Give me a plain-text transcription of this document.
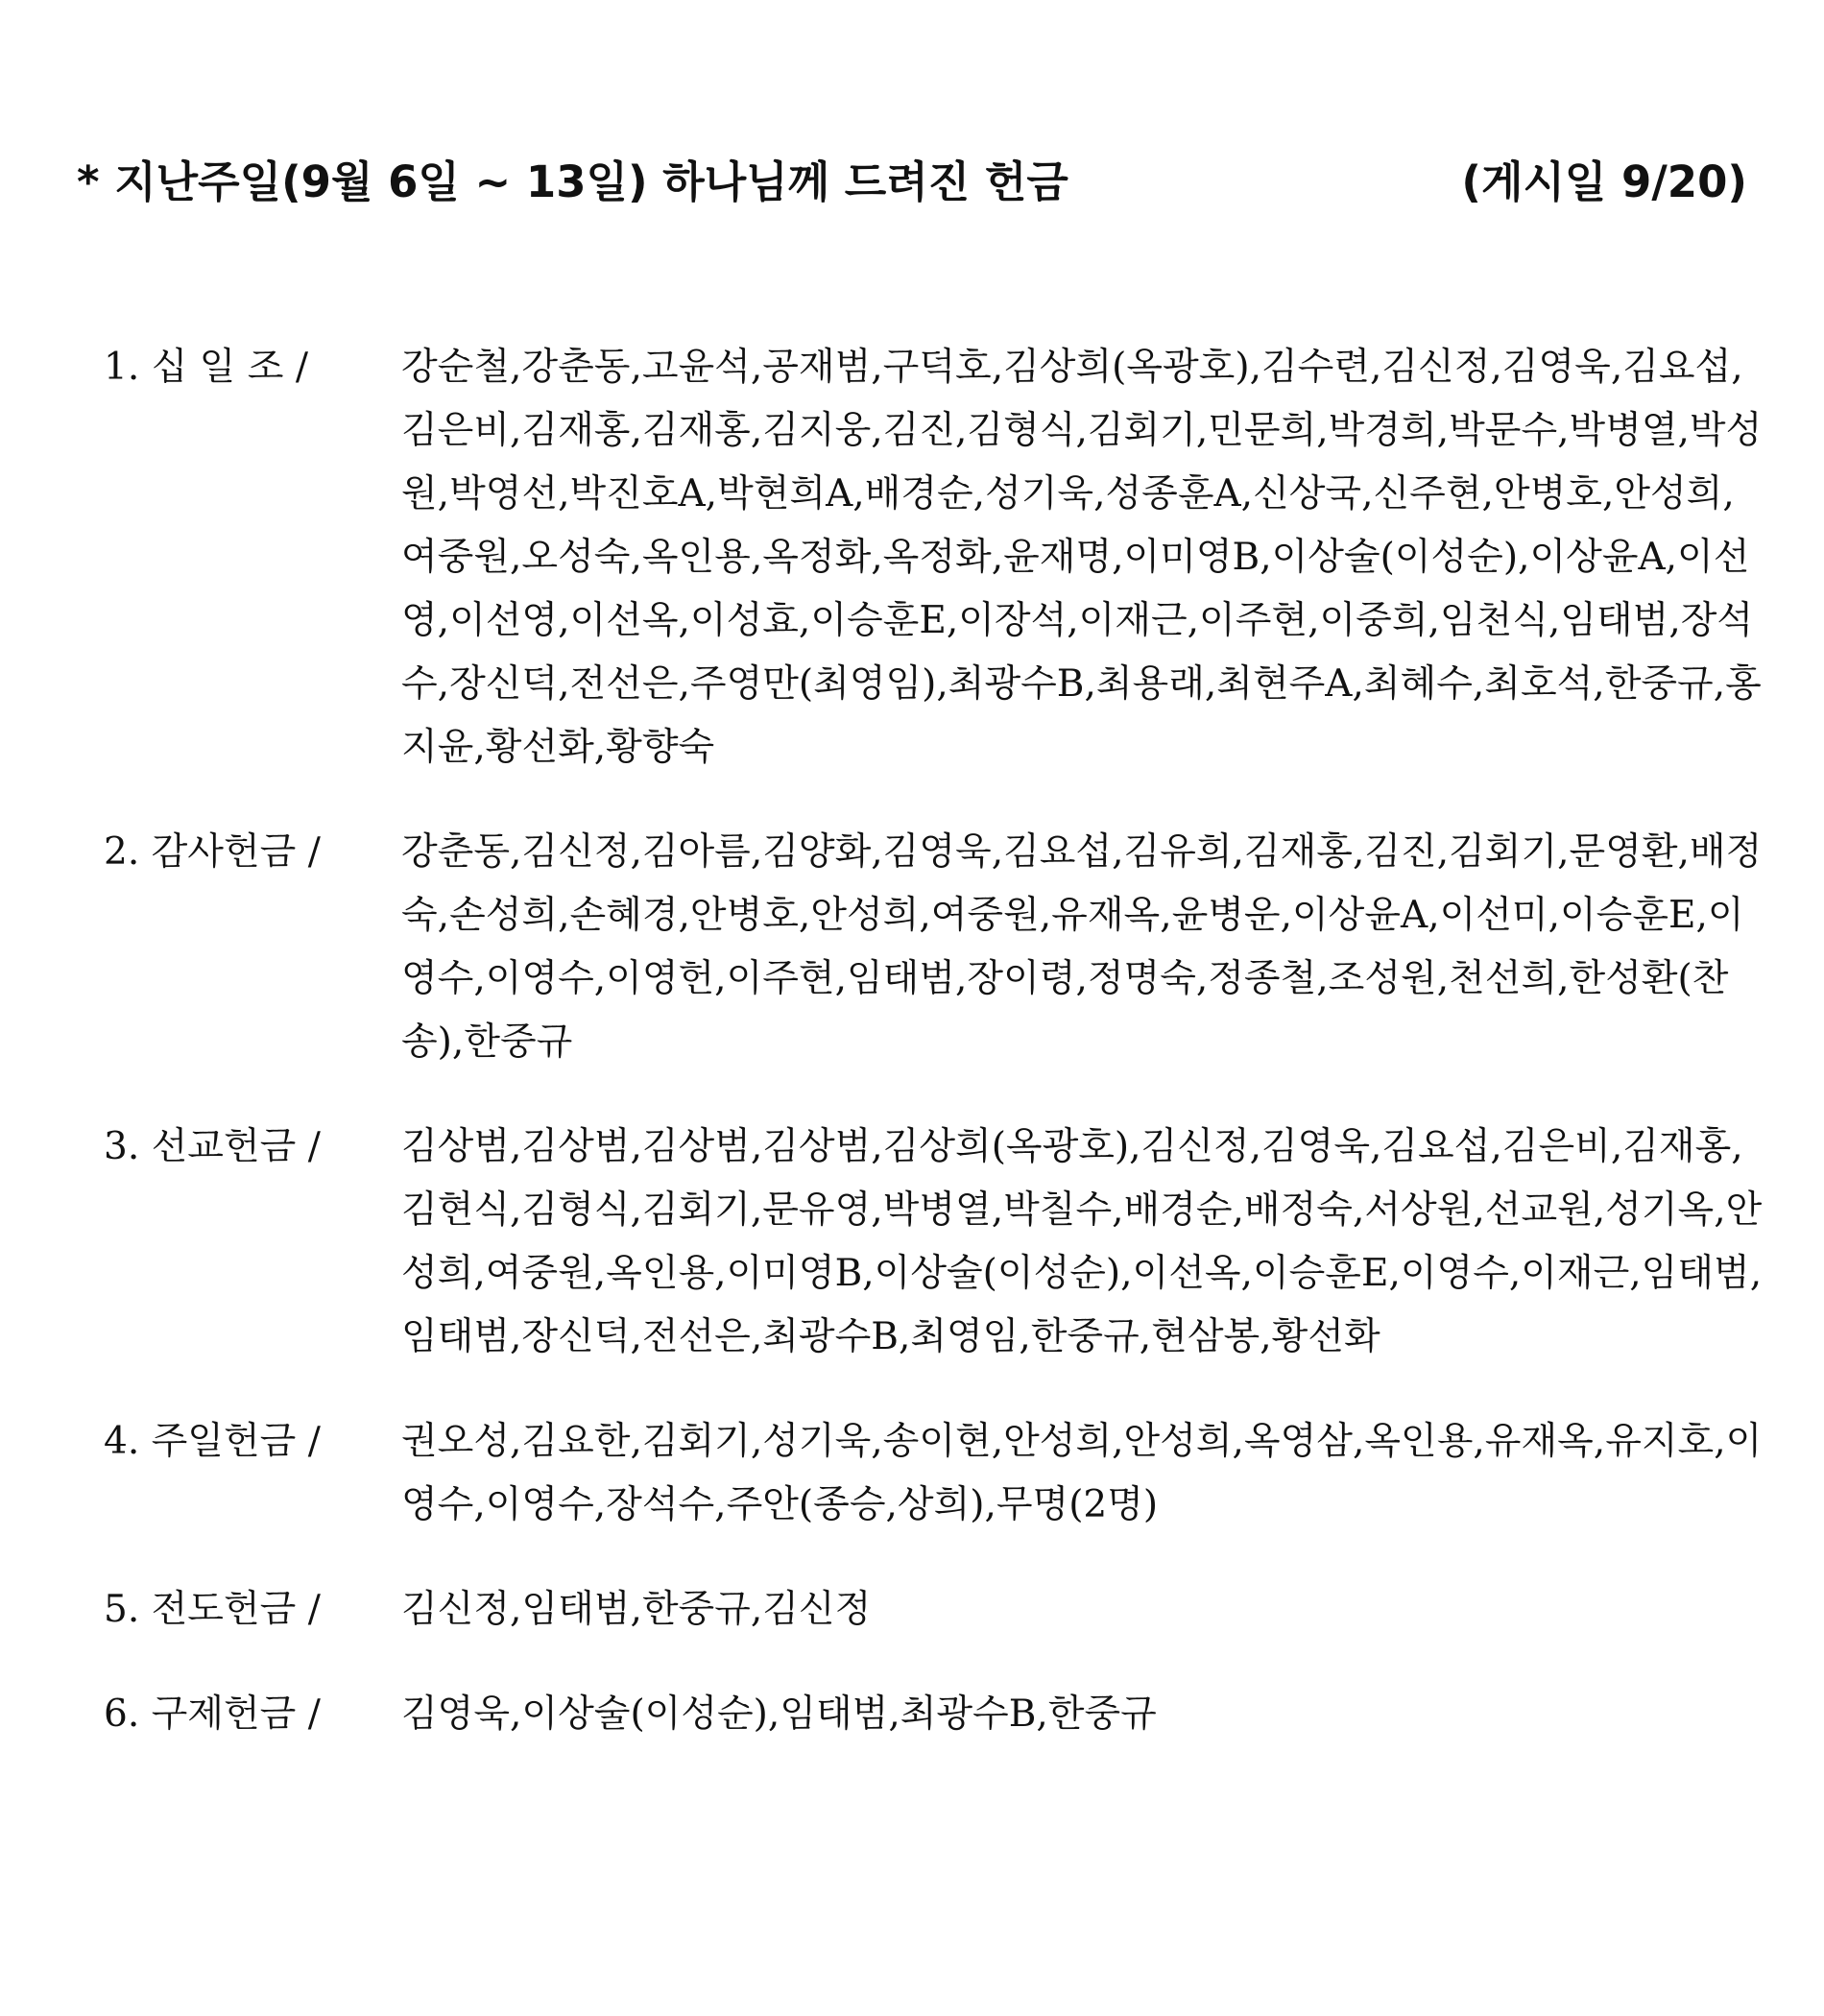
* 지난주일(9월 6일 ~ 13일) 하나님께 드려진 헌금	(게시일 9/20)
1. 십 일 조 /	강순철,강춘동,고윤석,공재범,구덕호,김상희(옥광호),김수련,김신정,김영욱,김요섭,김은비,김재홍,김재홍,김지웅,김진,김형식,김회기,민문희,박경희,박문수,박병열,박성원,박영선,박진호A,박현희A,배경순,성기욱,성종훈A,신상국,신주현,안병호,안성희,여중원,오성숙,옥인용,옥정화,옥정화,윤재명,이미영B,이상술(이성순),이상윤A,이선영,이선영,이선옥,이성효,이승훈E,이장석,이재근,이주현,이중희,임천식,임태범,장석수,장신덕,전선은,주영만(최영임),최광수B,최용래,최현주A,최혜수,최호석,한중규,홍지윤,황선화,황향숙
2. 감사헌금 /	강춘동,김신정,김아름,김양화,김영욱,김요섭,김유희,김재홍,김진,김회기,문영환,배정숙,손성희,손혜경,안병호,안성희,여중원,유재옥,윤병운,이상윤A,이선미,이승훈E,이영수,이영수,이영헌,이주현,임태범,장이령,정명숙,정종철,조성원,천선희,한성환(찬송),한중규
3. 선교헌금 /	김상범,김상범,김상범,김상범,김상희(옥광호),김신정,김영욱,김요섭,김은비,김재홍,김현식,김형식,김회기,문유영,박병열,박칠수,배경순,배정숙,서상원,선교원,성기옥,안성희,여중원,옥인용,이미영B,이상술(이성순),이선옥,이승훈E,이영수,이재근,임태범,임태범,장신덕,전선은,최광수B,최영임,한중규,현삼봉,황선화
4. 주일헌금 /	권오성,김요한,김회기,성기욱,송이현,안성희,안성희,옥영삼,옥인용,유재옥,유지호,이영수,이영수,장석수,주안(종승,상희),무명(2명)
5. 전도헌금 /	김신정,임태범,한중규,김신정
6. 구제헌금 /	김영욱,이상술(이성순),임태범,최광수B,한중규
